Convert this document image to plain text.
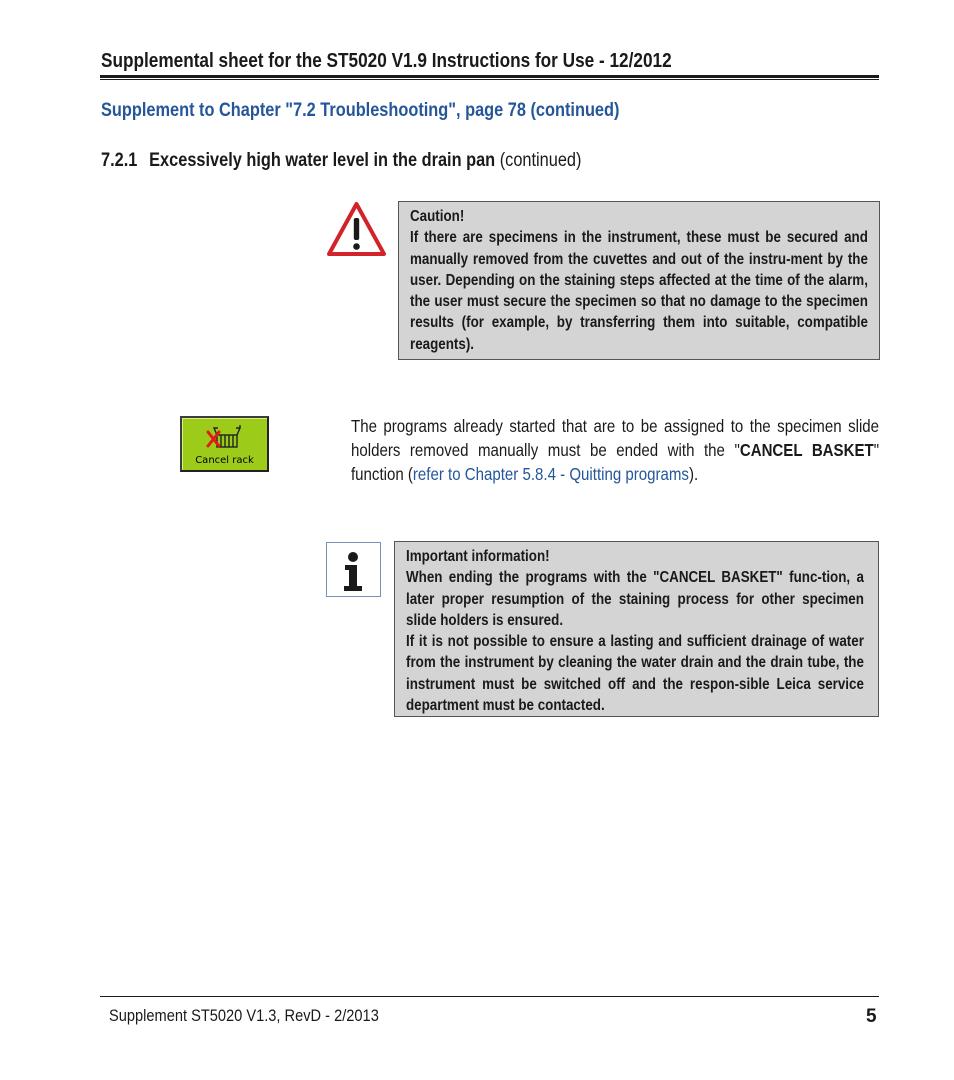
Supplemental sheet for the ST5020 V1.9 Instructions for Use - 12/2012
Supplement to Chapter "7.2 Troubleshooting", page 78 (continued)
7.2.1 Excessively high water level in the drain pan (continued)

Caution!

If there are specimens in the instrument, these must be secured and manually removed from the cuvettes and out of the instru-ment by the user. Depending on the staining steps affected at the time of the alarm, the user must secure the specimen so that no damage to the specimen results (for example, by transferring them into suitable, compatible reagents).

Cancel rack
The programs already started that are to be assigned to the specimen slide holders removed manually must be ended with the "CANCEL BASKET" function (refer to Chapter 5.8.4 - Quitting programs).

Important information!

When ending the programs with the "CANCEL BASKET" func-tion, a later proper resumption of the staining process for other specimen slide holders is ensured.

If it is not possible to ensure a lasting and sufficient drainage of water from the instrument by cleaning the water drain and the drain tube, the instrument must be switched off and the respon-sible Leica service department must be contacted.

Supplement ST5020 V1.3, RevD - 2/2013	5
